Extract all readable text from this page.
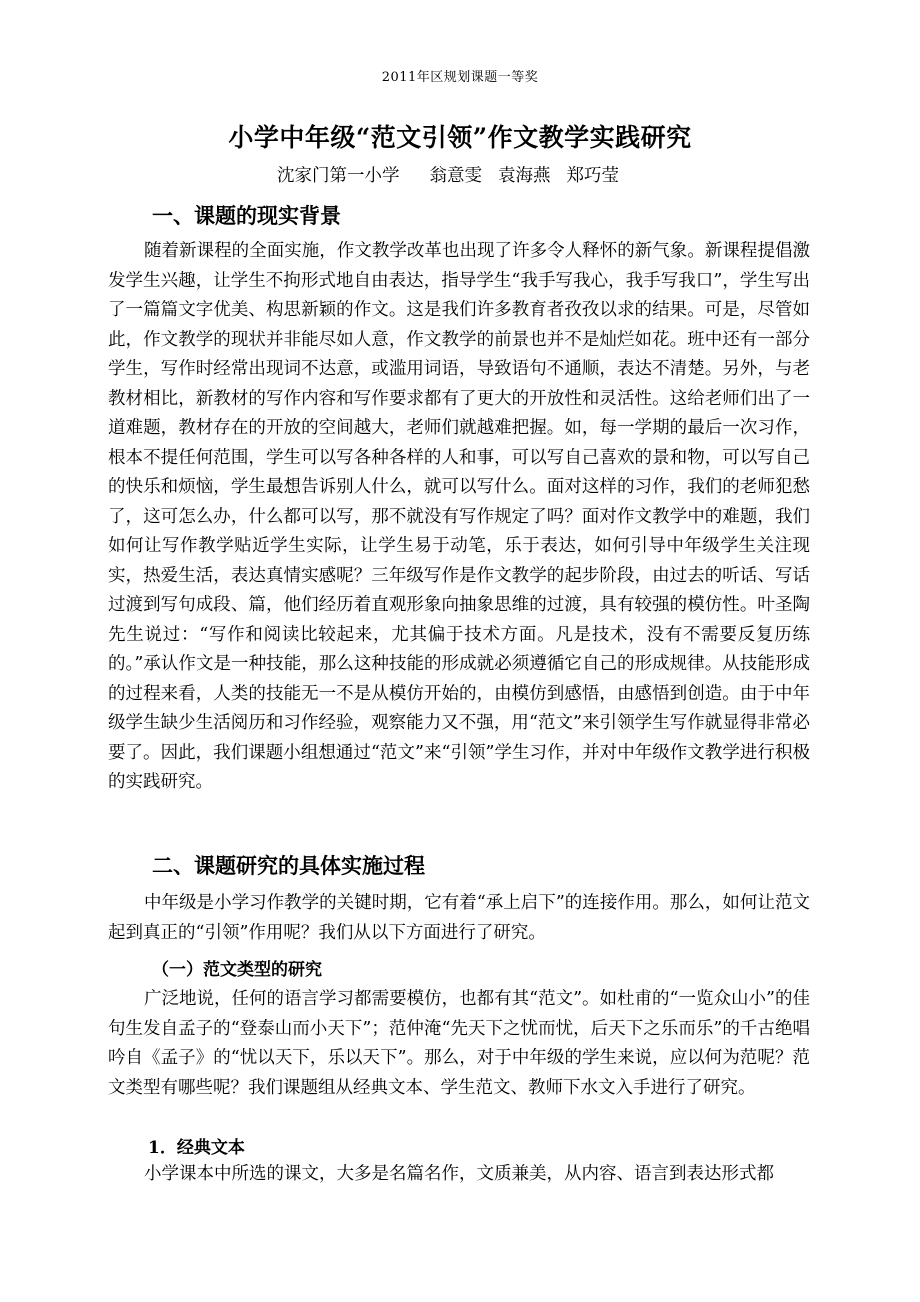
2011年区规划课题一等奖
小学中年级“范文引领”作文教学实践研究
沈家门第一小学 翁意雯 袁海燕 郑巧莹
一、课题的现实背景

随着新课程的全面实施，作文教学改革也出现了许多令人释怀的新气象。新课程提倡激发学生兴趣，让学生不拘形式地自由表达，指导学生“我手写我心，我手写我口”，学生写出了一篇篇文字优美、构思新颖的作文。这是我们许多教育者孜孜以求的结果。可是，尽管如此，作文教学的现状并非能尽如人意，作文教学的前景也并不是灿烂如花。班中还有一部分学生，写作时经常出现词不达意，或滥用词语，导致语句不通顺，表达不清楚。另外，与老教材相比，新教材的写作内容和写作要求都有了更大的开放性和灵活性。这给老师们出了一道难题，教材存在的开放的空间越大，老师们就越难把握。如，每一学期的最后一次习作，根本不提任何范围，学生可以写各种各样的人和事，可以写自己喜欢的景和物，可以写自己的快乐和烦恼，学生最想告诉别人什么，就可以写什么。面对这样的习作，我们的老师犯愁了，这可怎么办，什么都可以写，那不就没有写作规定了吗？面对作文教学中的难题，我们如何让写作教学贴近学生实际，让学生易于动笔，乐于表达，如何引导中年级学生关注现实，热爱生活，表达真情实感呢？三年级写作是作文教学的起步阶段，由过去的听话、写话过渡到写句成段、篇，他们经历着直观形象向抽象思维的过渡，具有较强的模仿性。叶圣陶先生说过：“写作和阅读比较起来，尤其偏于技术方面。凡是技术，没有不需要反复历练的。”承认作文是一种技能，那么这种技能的形成就必须遵循它自己的形成规律。从技能形成的过程来看，人类的技能无一不是从模仿开始的，由模仿到感悟，由感悟到创造。由于中年级学生缺少生活阅历和习作经验，观察能力又不强，用“范文”来引领学生写作就显得非常必要了。因此，我们课题小组想通过“范文”来“引领”学生习作，并对中年级作文教学进行积极的实践研究。

二、课题研究的具体实施过程

中年级是小学习作教学的关键时期，它有着“承上启下”的连接作用。那么，如何让范文起到真正的“引领”作用呢？我们从以下方面进行了研究。

（一）范文类型的研究

广泛地说，任何的语言学习都需要模仿，也都有其“范文”。如杜甫的“一览众山小”的佳句生发自孟子的“登泰山而小天下”；范仲淹“先天下之忧而忧，后天下之乐而乐”的千古绝唱吟自《孟子》的“忧以天下，乐以天下”。那么，对于中年级的学生来说，应以何为范呢？范文类型有哪些呢？我们课题组从经典文本、学生范文、教师下水文入手进行了研究。

1．经典文本

小学课本中所选的课文，大多是名篇名作，文质兼美，从内容、语言到表达形式都
